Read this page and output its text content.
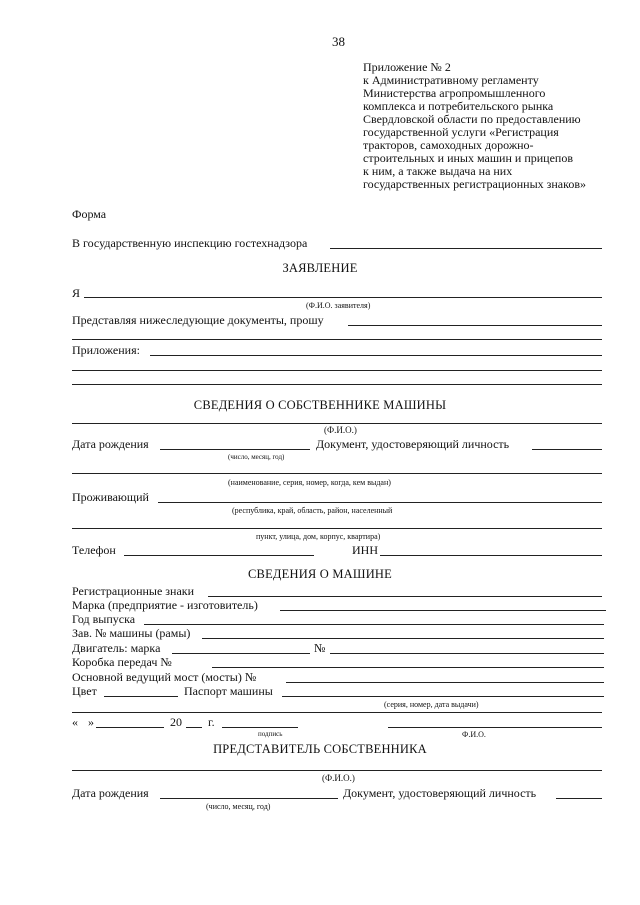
38
Приложение № 2
к Административному регламенту
Министерства агропромышленного
комплекса и потребительского рынка
Свердловской области по предоставлению
государственной услуги «Регистрация
тракторов, самоходных дорожно-
строительных и иных машин и прицепов
к ним, а также выдача на них
государственных регистрационных знаков»
Форма
В государственную инспекцию гостехнадзора
ЗАЯВЛЕНИЕ
Я
(Ф.И.О. заявителя)
Представляя нижеследующие документы, прошу
Приложения:
СВЕДЕНИЯ О СОБСТВЕННИКЕ МАШИНЫ
(Ф.И.О.)
Дата рождения	Документ, удостоверяющий личность
(число, месяц, год)
(наименование, серия, номер, когда, кем выдан)
Проживающий
(республика, край, область, район, населенный
пункт, улица, дом, корпус, квартира)
Телефон	ИНН
СВЕДЕНИЯ О МАШИНЕ
Регистрационные знаки
Марка (предприятие - изготовитель)
Год выпуска
Зав. № машины (рамы)
Двигатель: марка	№
Коробка передач №
Основной ведущий мост (мосты) №
Цвет	Паспорт машины
(серия, номер, дата выдачи)
« »	20 г.
подпись	Ф.И.О.
ПРЕДСТАВИТЕЛЬ СОБСТВЕННИКА
(Ф.И.О.)
Дата рождения	Документ, удостоверяющий личность
(число, месяц, год)
